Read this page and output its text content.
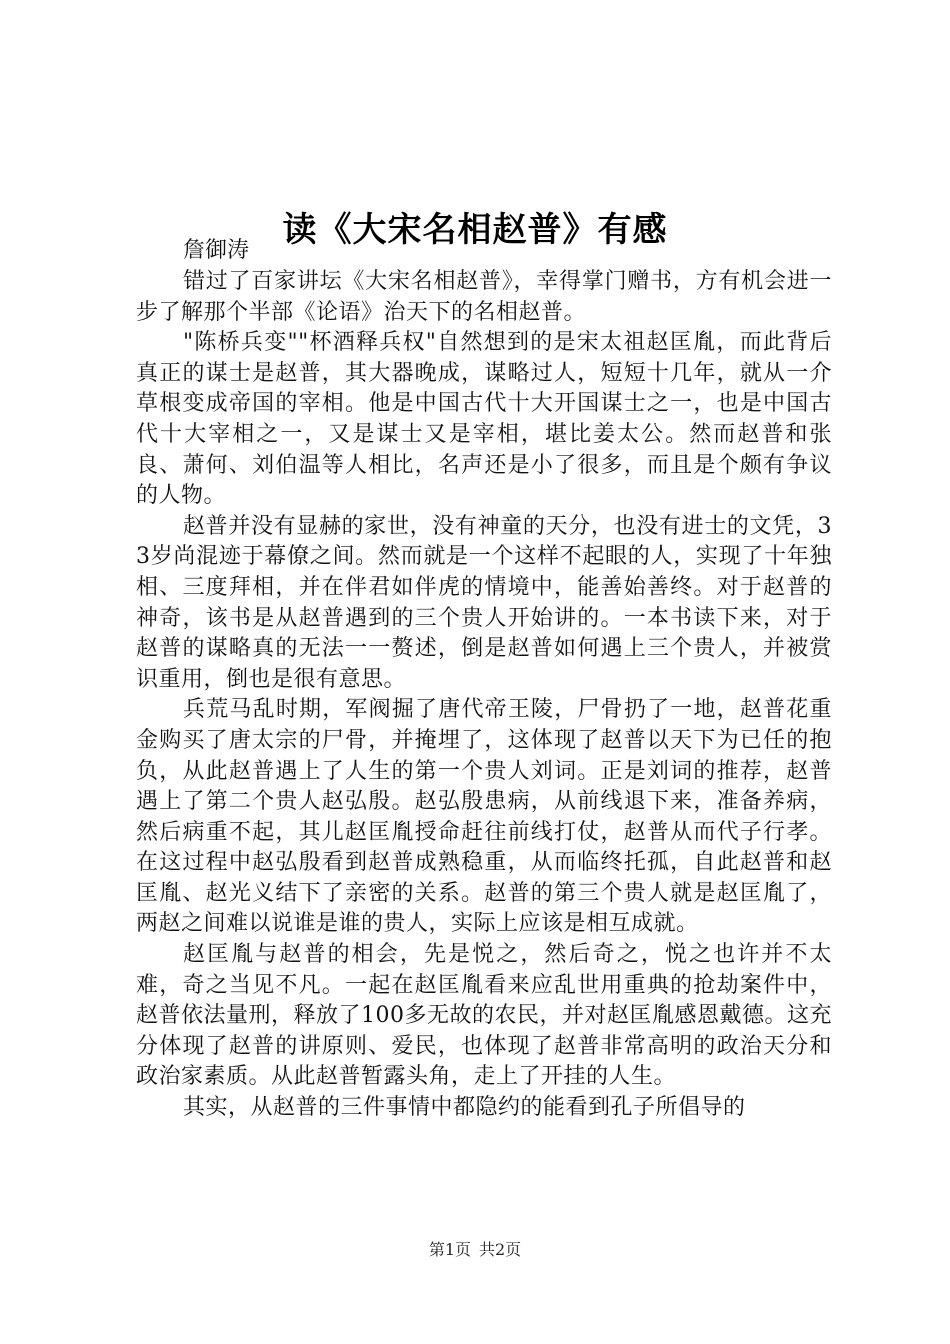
读《大宋名相赵普》有感

詹御涛

错过了百家讲坛《大宋名相赵普》，幸得掌门赠书，方有机会进一步了解那个半部《论语》治天下的名相赵普。

"陈桥兵变""杯酒释兵权"自然想到的是宋太祖赵匡胤，而此背后真正的谋士是赵普，其大器晚成，谋略过人，短短十几年，就从一介草根变成帝国的宰相。他是中国古代十大开国谋士之一，也是中国古代十大宰相之一，又是谋士又是宰相，堪比姜太公。然而赵普和张良、萧何、刘伯温等人相比，名声还是小了很多，而且是个颇有争议的人物。

赵普并没有显赫的家世，没有神童的天分，也没有进士的文凭，33岁尚混迹于幕僚之间。然而就是一个这样不起眼的人，实现了十年独相、三度拜相，并在伴君如伴虎的情境中，能善始善终。对于赵普的神奇，该书是从赵普遇到的三个贵人开始讲的。一本书读下来，对于赵普的谋略真的无法一一赘述，倒是赵普如何遇上三个贵人，并被赏识重用，倒也是很有意思。

兵荒马乱时期，军阀掘了唐代帝王陵，尸骨扔了一地，赵普花重金购买了唐太宗的尸骨，并掩埋了，这体现了赵普以天下为已任的抱负，从此赵普遇上了人生的第一个贵人刘词。正是刘词的推荐，赵普遇上了第二个贵人赵弘殷。赵弘殷患病，从前线退下来，准备养病，然后病重不起，其儿赵匡胤授命赶往前线打仗，赵普从而代子行孝。在这过程中赵弘殷看到赵普成熟稳重，从而临终托孤，自此赵普和赵匡胤、赵光义结下了亲密的关系。赵普的第三个贵人就是赵匡胤了，两赵之间难以说谁是谁的贵人，实际上应该是相互成就。

赵匡胤与赵普的相会，先是悦之，然后奇之，悦之也许并不太难，奇之当见不凡。一起在赵匡胤看来应乱世用重典的抢劫案件中，赵普依法量刑，释放了100多无故的农民，并对赵匡胤感恩戴德。这充分体现了赵普的讲原则、爱民，也体现了赵普非常高明的政治天分和政治家素质。从此赵普暂露头角，走上了开挂的人生。

其实，从赵普的三件事情中都隐约的能看到孔子所倡导的

第1页 共2页
